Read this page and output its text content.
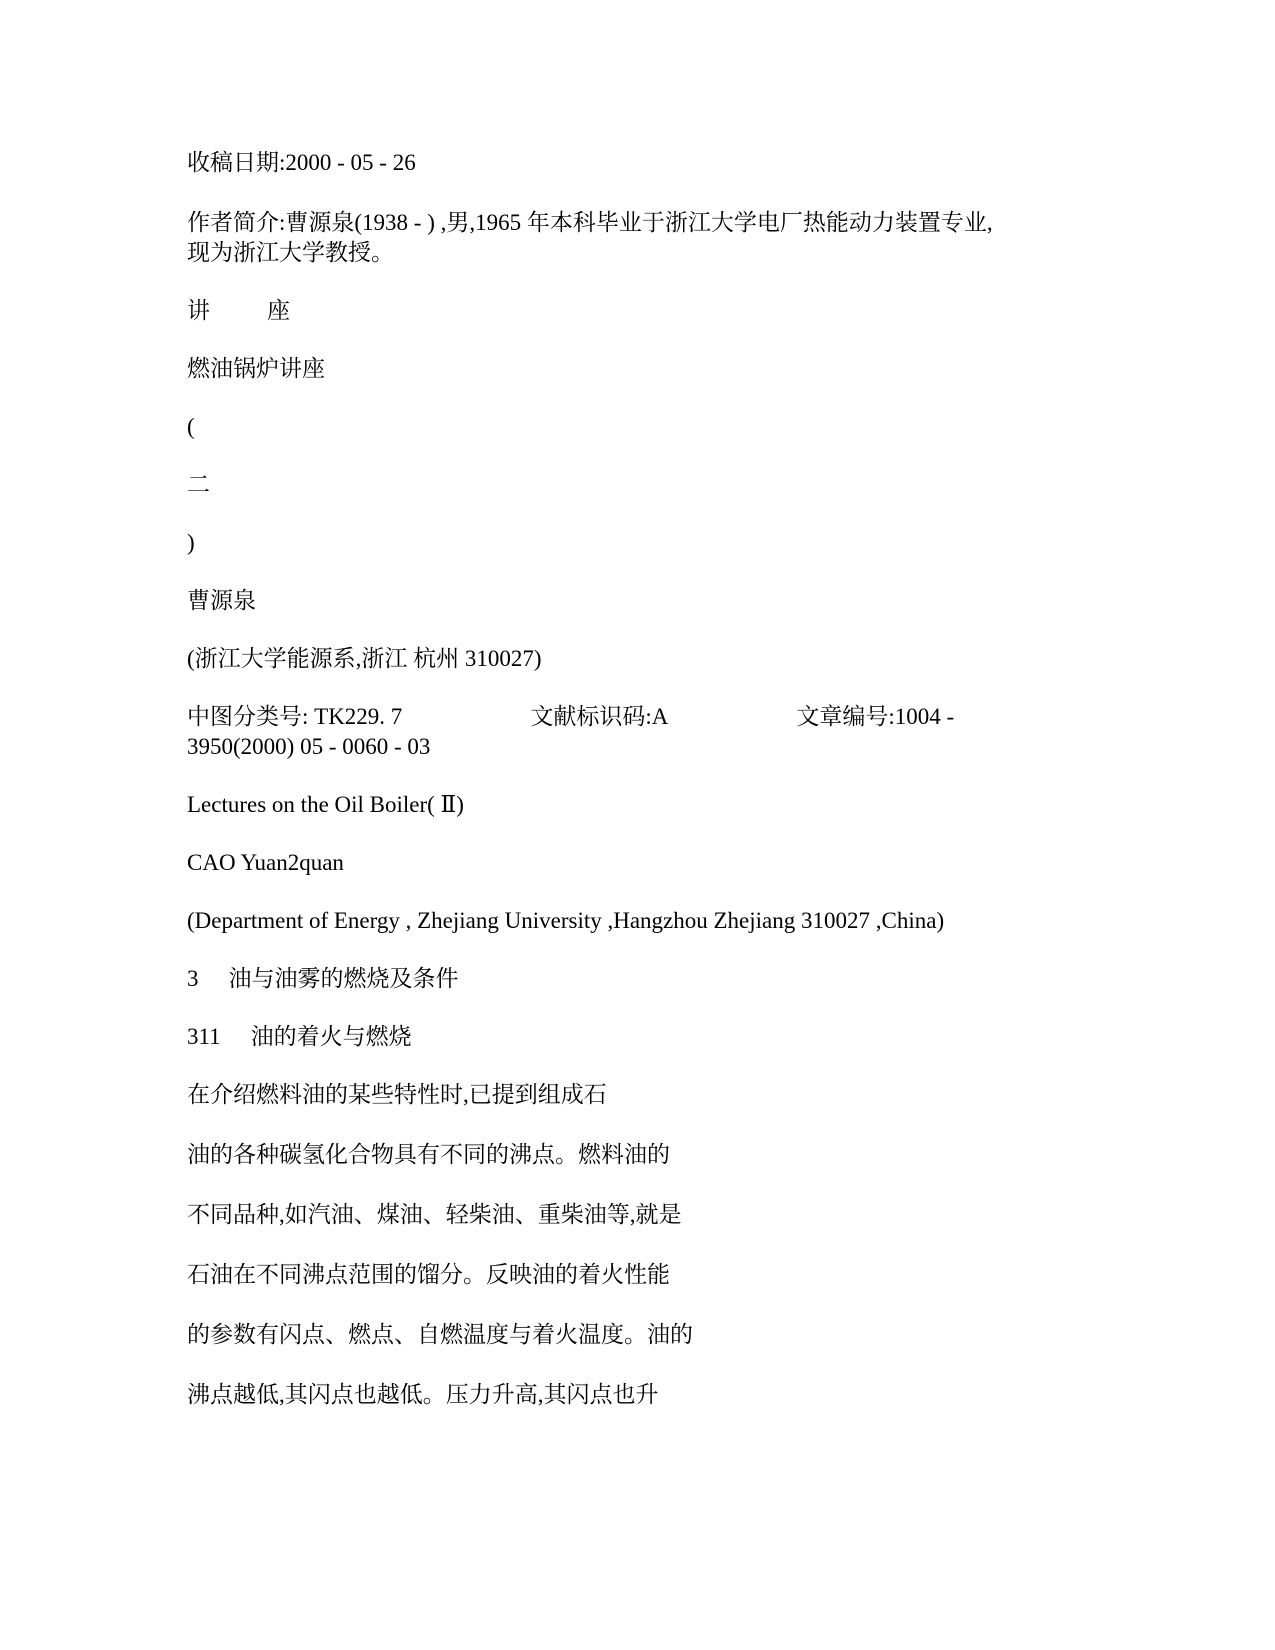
收稿日期:2000 - 05 - 26
作者简介:曹源泉(1938 - ) ,男,1965 年本科毕业于浙江大学电厂热能动力装置专业,
现为浙江大学教授。
讲 座
燃油锅炉讲座
(
二
)
曹源泉
(浙江大学能源系,浙江 杭州 310027)
中图分类号: TK229. 7	文献标识码:A	文章编号:1004 -
3950(2000) 05 - 0060 - 03
Lectures on the Oil Boiler( Ⅱ)
CAO Yuan2quan
(Department of Energy , Zhejiang University ,Hangzhou Zhejiang 310027 ,China)
3 油与油雾的燃烧及条件
311 油的着火与燃烧
在介绍燃料油的某些特性时,已提到组成石
油的各种碳氢化合物具有不同的沸点。燃料油的
不同品种,如汽油、煤油、轻柴油、重柴油等,就是
石油在不同沸点范围的馏分。反映油的着火性能
的参数有闪点、燃点、自燃温度与着火温度。油的
沸点越低,其闪点也越低。压力升高,其闪点也升
